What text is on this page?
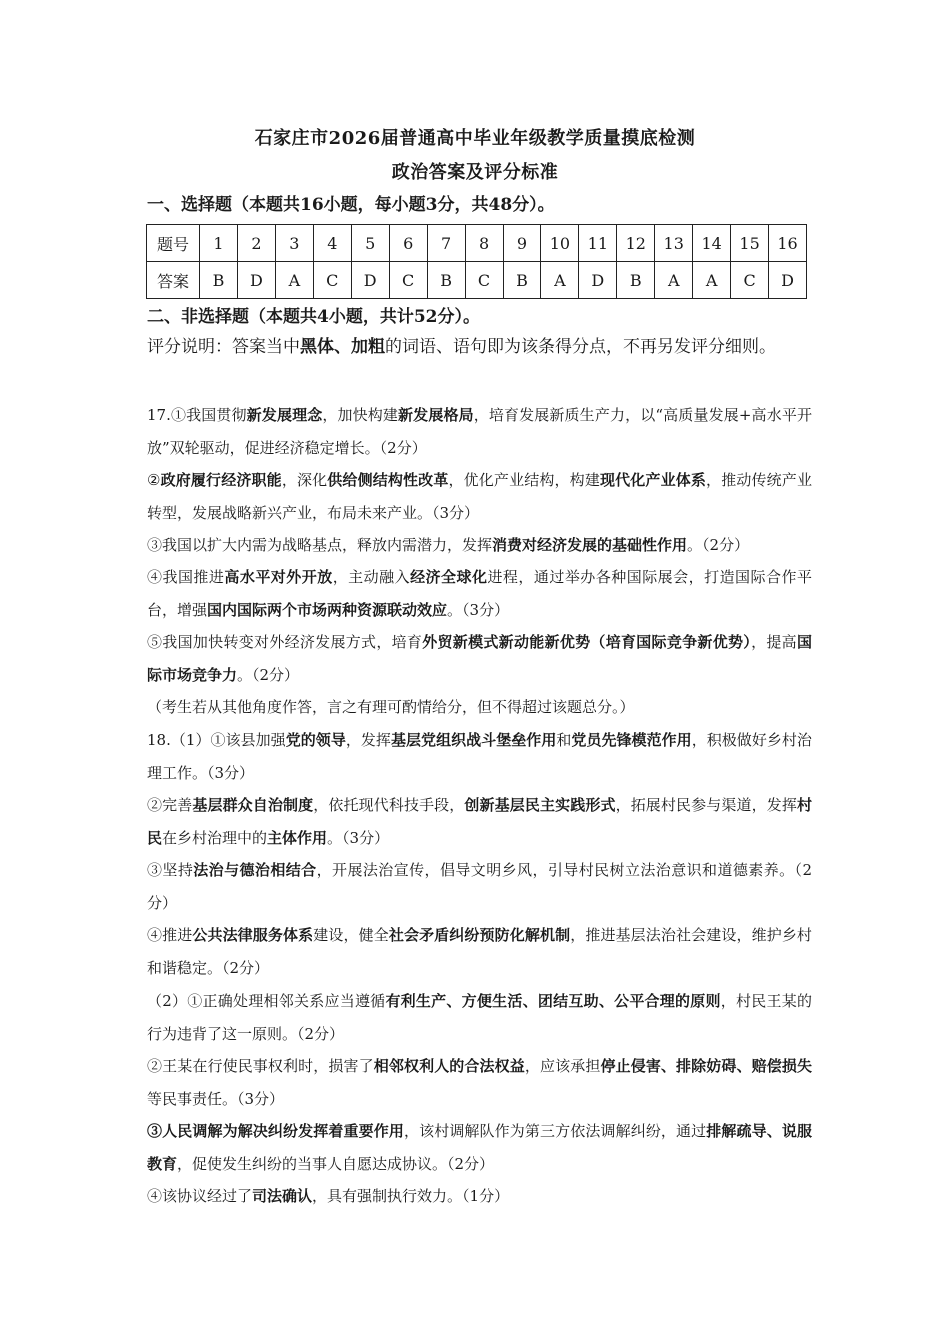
石家庄市2026届普通高中毕业年级教学质量摸底检测
政治答案及评分标准
一、选择题（本题共16小题，每小题3分，共48分）。
题号	1	2	3	4	5	6	7	8	9	10	11	12	13	14	15	16
答案	B	D	A	C	D	C	B	C	B	A	D	B	A	A	C	D
二、非选择题（本题共4小题，共计52分）。
评分说明：答案当中黑体、加粗的词语、语句即为该条得分点，不再另发评分细则。
17.①我国贯彻新发展理念，加快构建新发展格局，培育发展新质生产力，以“高质量发展+高水平开放”双轮驱动，促进经济稳定增长。（2分）
②政府履行经济职能，深化供给侧结构性改革，优化产业结构，构建现代化产业体系，推动传统产业转型，发展战略新兴产业，布局未来产业。（3分）
③我国以扩大内需为战略基点，释放内需潜力，发挥消费对经济发展的基础性作用。（2分）
④我国推进高水平对外开放，主动融入经济全球化进程，通过举办各种国际展会，打造国际合作平台，增强国内国际两个市场两种资源联动效应。（3分）
⑤我国加快转变对外经济发展方式，培育外贸新模式新动能新优势（培育国际竞争新优势），提高国际市场竞争力。（2分）
（考生若从其他角度作答，言之有理可酌情给分，但不得超过该题总分。）
18.（1）①该县加强党的领导，发挥基层党组织战斗堡垒作用和党员先锋模范作用，积极做好乡村治理工作。（3分）
②完善基层群众自治制度，依托现代科技手段，创新基层民主实践形式，拓展村民参与渠道，发挥村民在乡村治理中的主体作用。（3分）
③坚持法治与德治相结合，开展法治宣传，倡导文明乡风，引导村民树立法治意识和道德素养。（2分）
④推进公共法律服务体系建设，健全社会矛盾纠纷预防化解机制，推进基层法治社会建设，维护乡村和谐稳定。（2分）
（2）①正确处理相邻关系应当遵循有利生产、方便生活、团结互助、公平合理的原则，村民王某的行为违背了这一原则。（2分）
②王某在行使民事权利时，损害了相邻权利人的合法权益，应该承担停止侵害、排除妨碍、赔偿损失等民事责任。（3分）
③人民调解为解决纠纷发挥着重要作用，该村调解队作为第三方依法调解纠纷，通过排解疏导、说服教育，促使发生纠纷的当事人自愿达成协议。（2分）
④该协议经过了司法确认，具有强制执行效力。（1分）
